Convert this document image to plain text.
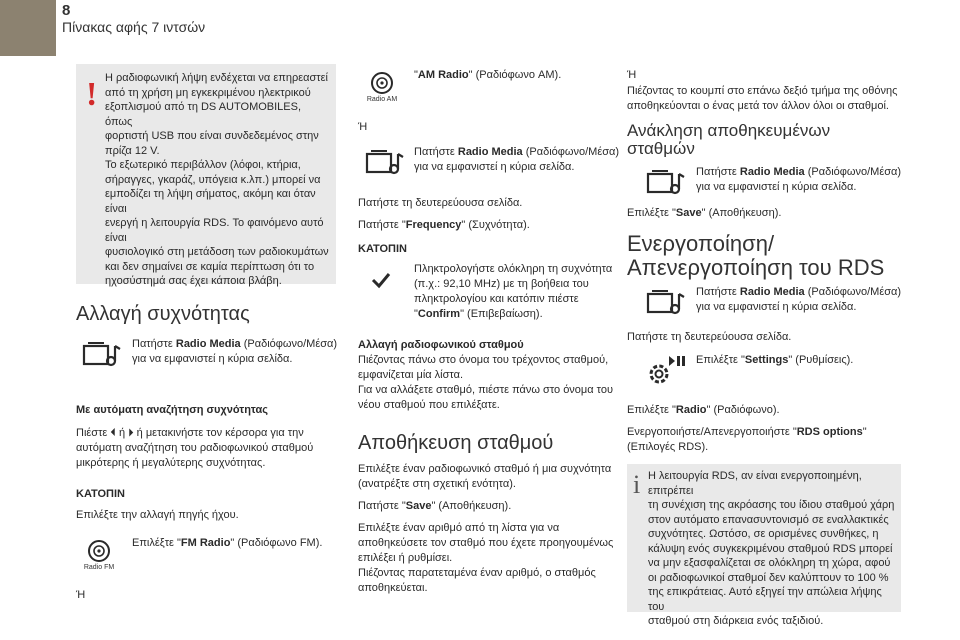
8
Πίνακας αφής 7 ιντσών
! Η ραδιοφωνική λήψη ενδέχεται να επηρεαστεί
από τη χρήση μη εγκεκριμένου ηλεκτρικού
εξοπλισμού από τη DS AUTOMOBILES, όπως
φορτιστή USB που είναι συνδεδεμένος στην
πρίζα 12 V.
Το εξωτερικό περιβάλλον (λόφοι, κτήρια,
σήραγγες, γκαράζ, υπόγεια κ.λπ.) μπορεί να
εμποδίζει τη λήψη σήματος, ακόμη και όταν είναι
ενεργή η λειτουργία RDS. Το φαινόμενο αυτό είναι
φυσιολογικό στη μετάδοση των ραδιοκυμάτων
και δεν σημαίνει σε καμία περίπτωση ότι το
ηχοσύστημά σας έχει κάποια βλάβη.
Αλλαγή συχνότητας
Πατήστε Radio Media (Ραδιόφωνο/Μέσα)
για να εμφανιστεί η κύρια σελίδα.
Με αυτόματη αναζήτηση συχνότητας
Πιέστε ⏴ ή ⏵ ή μετακινήστε τον κέρσορα για την
αυτόματη αναζήτηση του ραδιοφωνικού σταθμού
μικρότερης ή μεγαλύτερης συχνότητας.
ΚΑΤΟΠΙΝ
Επιλέξτε την αλλαγή πηγής ήχου.
Radio FM
Επιλέξτε "FM Radio" (Ραδιόφωνο FM).
Ή
Radio AM
"AM Radio" (Ραδιόφωνο AM).
Ή
Πατήστε Radio Media (Ραδιόφωνο/Μέσα)
για να εμφανιστεί η κύρια σελίδα.
Πατήστε τη δευτερεύουσα σελίδα.
Πατήστε "Frequency" (Συχνότητα).
ΚΑΤΟΠΙΝ
Πληκτρολογήστε ολόκληρη τη συχνότητα
(π.χ.: 92,10 MHz) με τη βοήθεια του
πληκτρολογίου και κατόπιν πιέστε
"Confirm" (Επιβεβαίωση).
Αλλαγή ραδιοφωνικού σταθμού
Πιέζοντας πάνω στο όνομα του τρέχοντος σταθμού,
εμφανίζεται μία λίστα.
Για να αλλάξετε σταθμό, πιέστε πάνω στο όνομα του
νέου σταθμού που επιλέξατε.
Αποθήκευση σταθμού
Επιλέξτε έναν ραδιοφωνικό σταθμό ή μια συχνότητα
(ανατρέξτε στη σχετική ενότητα).
Πατήστε "Save" (Αποθήκευση).
Επιλέξτε έναν αριθμό από τη λίστα για να
αποθηκεύσετε τον σταθμό που έχετε προηγουμένως
επιλέξει ή ρυθμίσει.
Πιέζοντας παρατεταμένα έναν αριθμό, ο σταθμός
αποθηκεύεται.
Ή
Πιέζοντας το κουμπί στο επάνω δεξιό τμήμα της οθόνης
αποθηκεύονται ο ένας μετά τον άλλον όλοι οι σταθμοί.
Ανάκληση αποθηκευμένων
σταθμών
Πατήστε Radio Media (Ραδιόφωνο/Μέσα)
για να εμφανιστεί η κύρια σελίδα.
Επιλέξτε "Save" (Αποθήκευση).
Ενεργοποίηση/
Απενεργοποίηση του RDS
Πατήστε Radio Media (Ραδιόφωνο/Μέσα)
για να εμφανιστεί η κύρια σελίδα.
Πατήστε τη δευτερεύουσα σελίδα.
Επιλέξτε "Settings" (Ρυθμίσεις).
Επιλέξτε "Radio" (Ραδιόφωνο).
Ενεργοποιήστε/Απενεργοποιήστε "RDS options"
(Επιλογές RDS).
i Η λειτουργία RDS, αν είναι ενεργοποιημένη, επιτρέπει
τη συνέχιση της ακρόασης του ίδιου σταθμού χάρη
στον αυτόματο επανασυντονισμό σε εναλλακτικές
συχνότητες. Ωστόσο, σε ορισμένες συνθήκες, η
κάλυψη ενός συγκεκριμένου σταθμού RDS μπορεί
να μην εξασφαλίζεται σε ολόκληρη τη χώρα, αφού
οι ραδιοφωνικοί σταθμοί δεν καλύπτουν το 100 %
της επικράτειας. Αυτό εξηγεί την απώλεια λήψης του
σταθμού στη διάρκεια ενός ταξιδιού.
